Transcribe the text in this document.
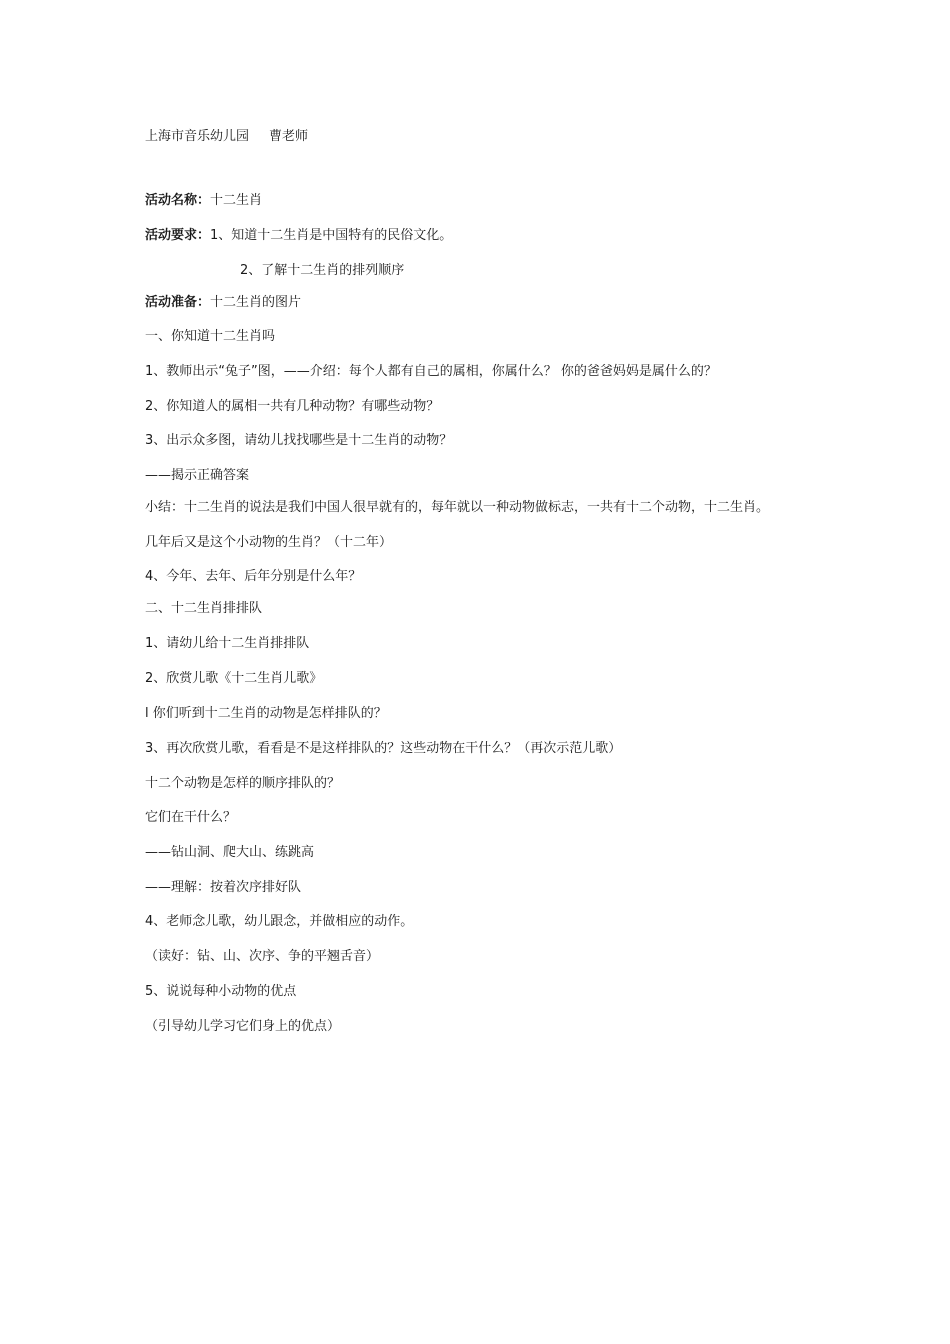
上海市音乐幼儿园 曹老师
活动名称：十二生肖
活动要求：1、知道十二生肖是中国特有的民俗文化。
2、了解十二生肖的排列顺序
活动准备：十二生肖的图片
一、你知道十二生肖吗
1、教师出示“兔子”图，——介绍：每个人都有自己的属相，你属什么？ 你的爸爸妈妈是属什么的？
2、你知道人的属相一共有几种动物？有哪些动物？
3、出示众多图，请幼儿找找哪些是十二生肖的动物？
——揭示正确答案
小结：十二生肖的说法是我们中国人很早就有的，每年就以一种动物做标志，一共有十二个动物，十二生肖。
几年后又是这个小动物的生肖？（十二年）
4、今年、去年、后年分别是什么年？
二、十二生肖排排队
1、请幼儿给十二生肖排排队
2、欣赏儿歌《十二生肖儿歌》
l 你们听到十二生肖的动物是怎样排队的？
3、再次欣赏儿歌，看看是不是这样排队的？这些动物在干什么？（再次示范儿歌）
十二个动物是怎样的顺序排队的？
它们在干什么？
——钻山洞、爬大山、练跳高
——理解：按着次序排好队
4、老师念儿歌，幼儿跟念，并做相应的动作。
（读好：钻、山、次序、争的平翘舌音）
5、说说每种小动物的优点
（引导幼儿学习它们身上的优点）
